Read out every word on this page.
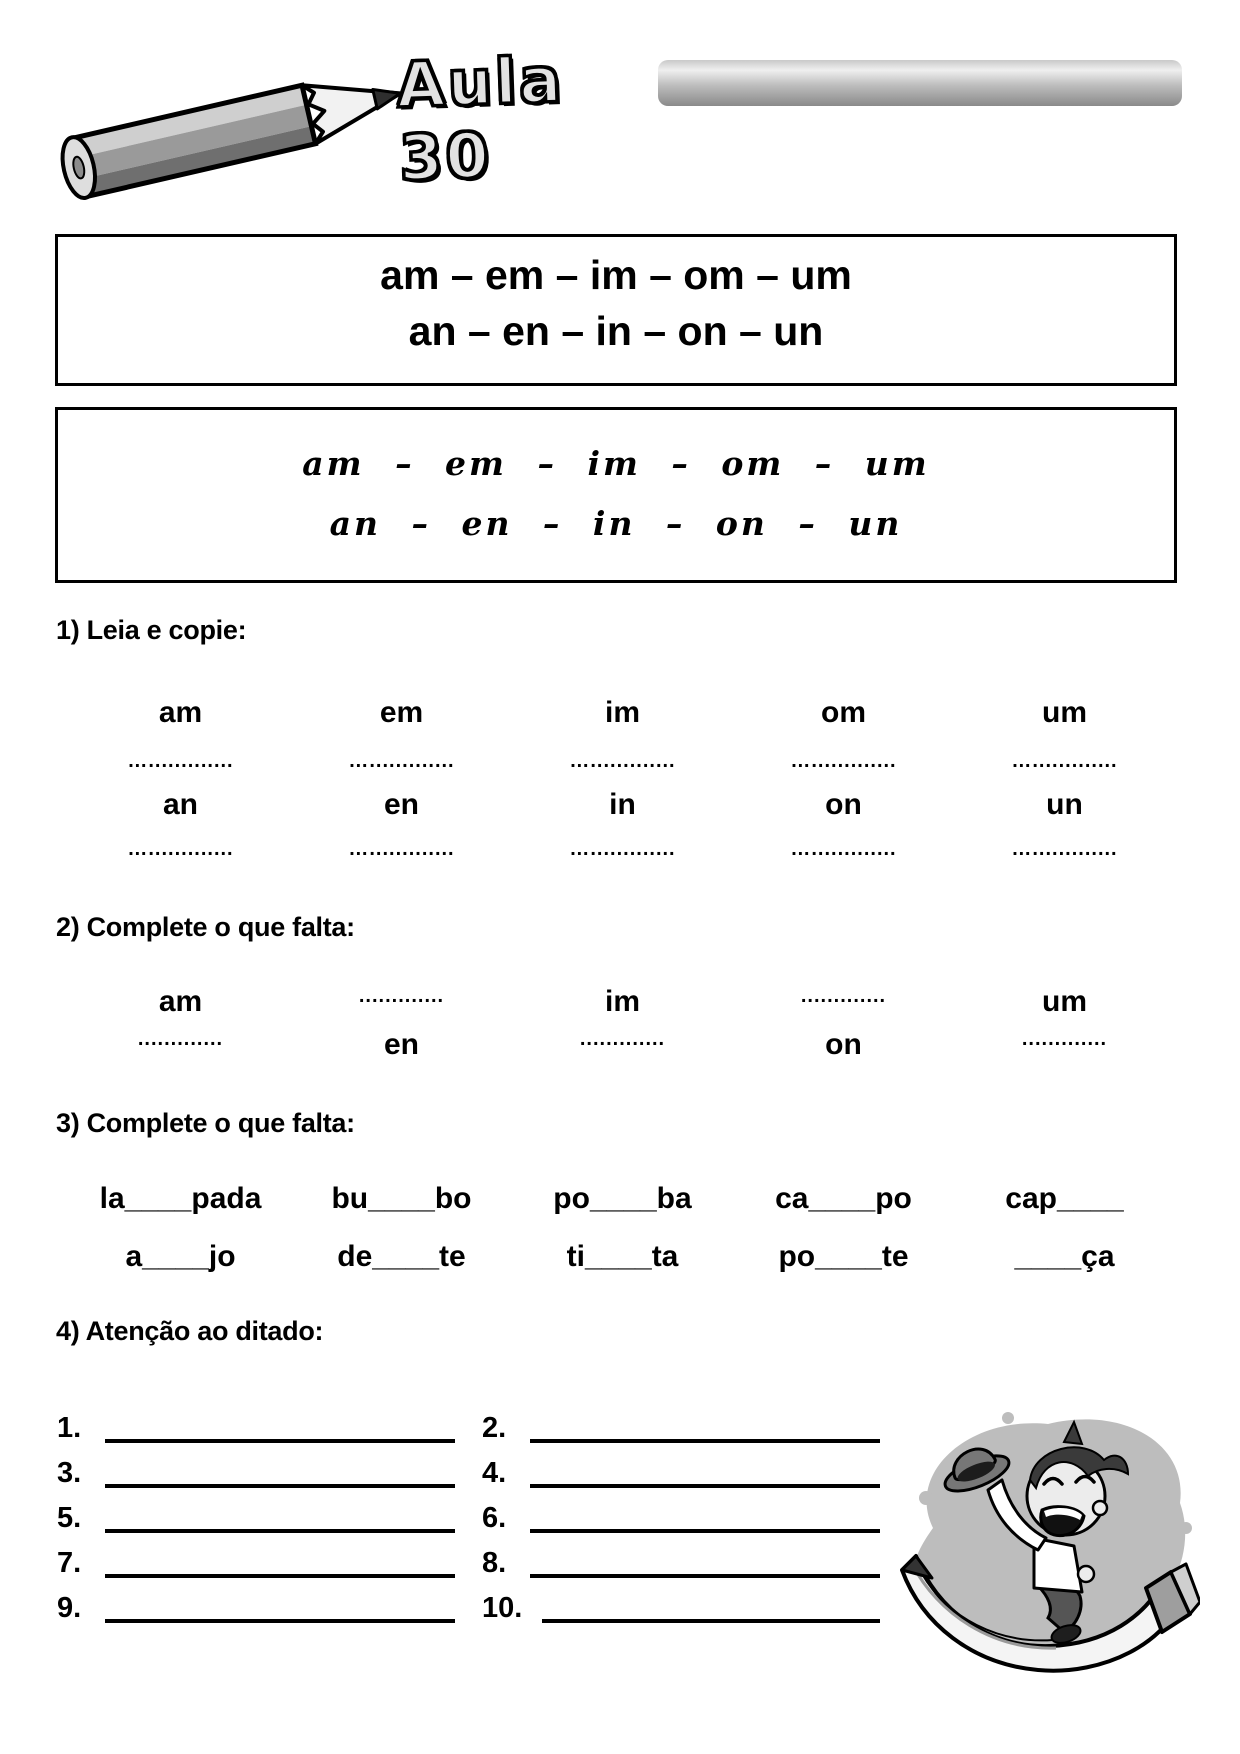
Aula 30
am – em – im – om – um
an – en – in – on – un
am – em – im – om – um
an – en – in – on – un
1) Leia e copie:
am	em	im	om	um
….............	….............	….............	….............	….............
an	en	in	on	un
….............	….............	….............	….............	….............
2) Complete o que falta:
am	.............	im	.............	um
.............	en	.............	on	.............
3) Complete o que falta:
la____pada	bu____bo	po____ba	ca____po	cap____
a____jo	de____te	ti____ta	po____te	____ça
4) Atenção ao ditado:
1.
3.
5.
7.
9.
2.
4.
6.
8.
10.
